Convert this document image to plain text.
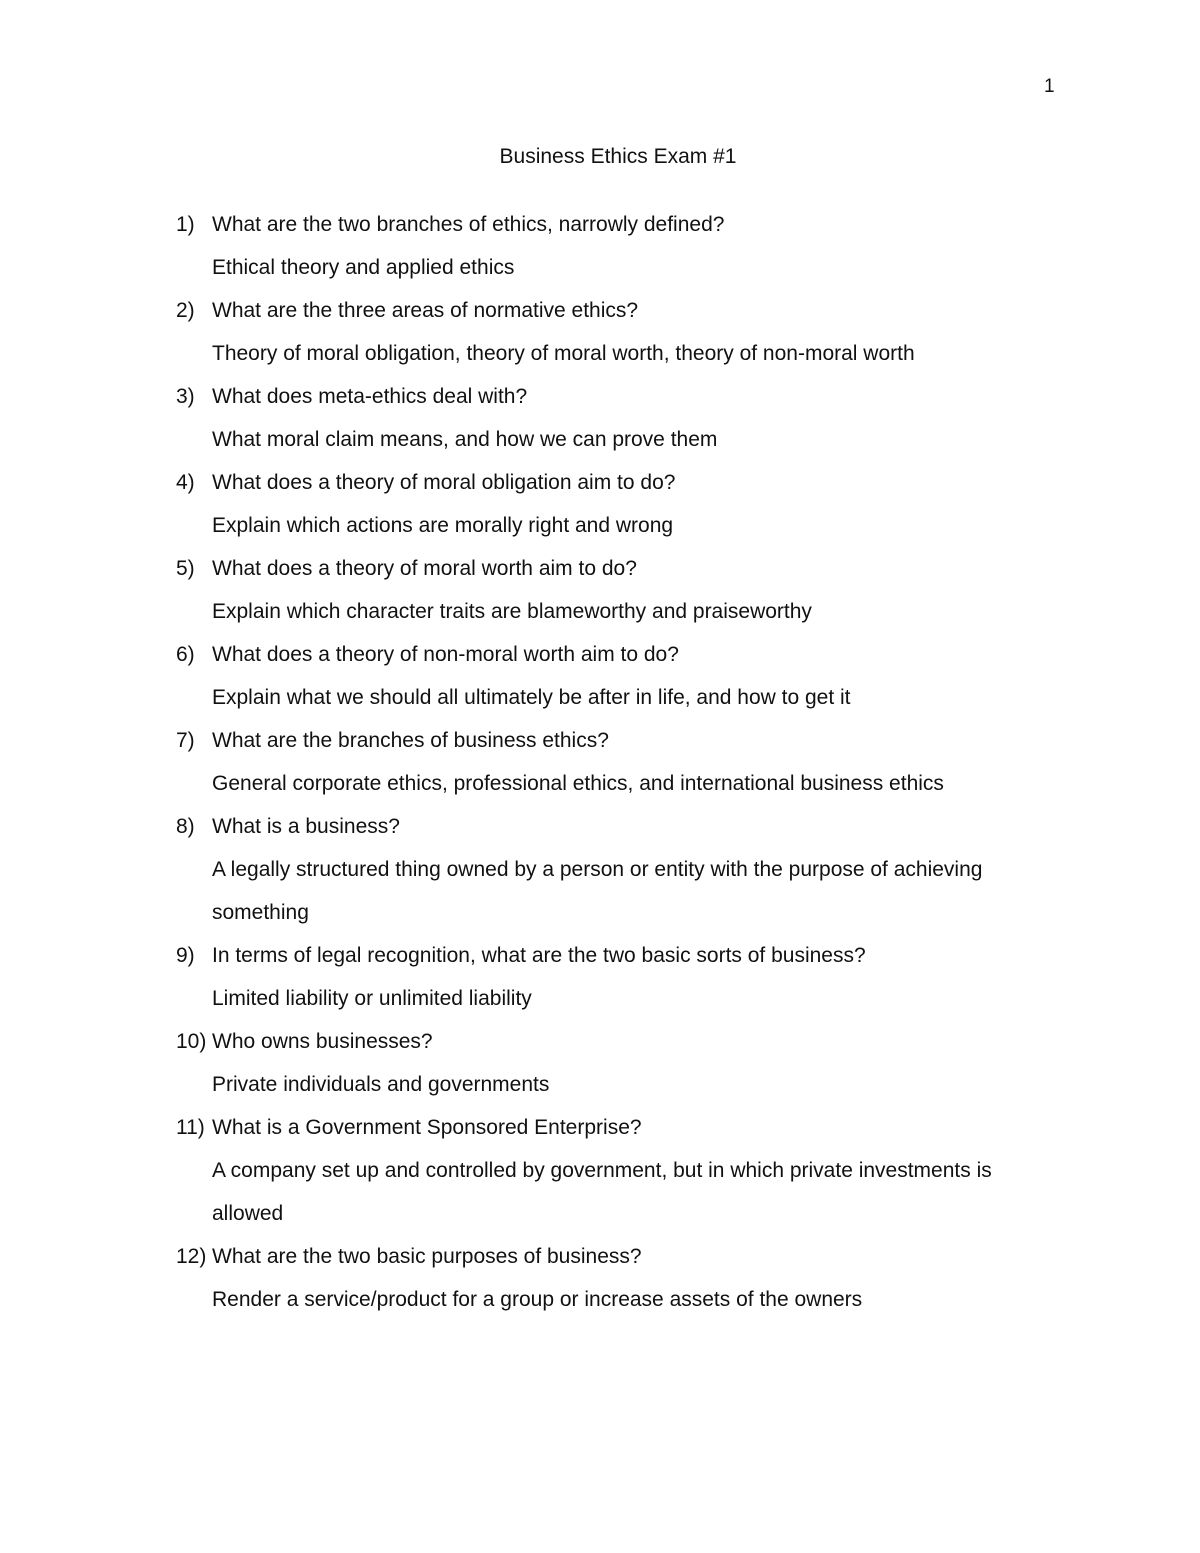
1
Business Ethics Exam #1
1) What are the two branches of ethics, narrowly defined?
Ethical theory and applied ethics
2) What are the three areas of normative ethics?
Theory of moral obligation, theory of moral worth, theory of non-moral worth
3) What does meta-ethics deal with?
What moral claim means, and how we can prove them
4) What does a theory of moral obligation aim to do?
Explain which actions are morally right and wrong
5) What does a theory of moral worth aim to do?
Explain which character traits are blameworthy and praiseworthy
6) What does a theory of non-moral worth aim to do?
Explain what we should all ultimately be after in life, and how to get it
7) What are the branches of business ethics?
General corporate ethics, professional ethics, and international business ethics
8) What is a business?
A legally structured thing owned by a person or entity with the purpose of achieving something
9) In terms of legal recognition, what are the two basic sorts of business?
Limited liability or unlimited liability
10) Who owns businesses?
Private individuals and governments
11) What is a Government Sponsored Enterprise?
A company set up and controlled by government, but in which private investments is allowed
12) What are the two basic purposes of business?
Render a service/product for a group or increase assets of the owners
